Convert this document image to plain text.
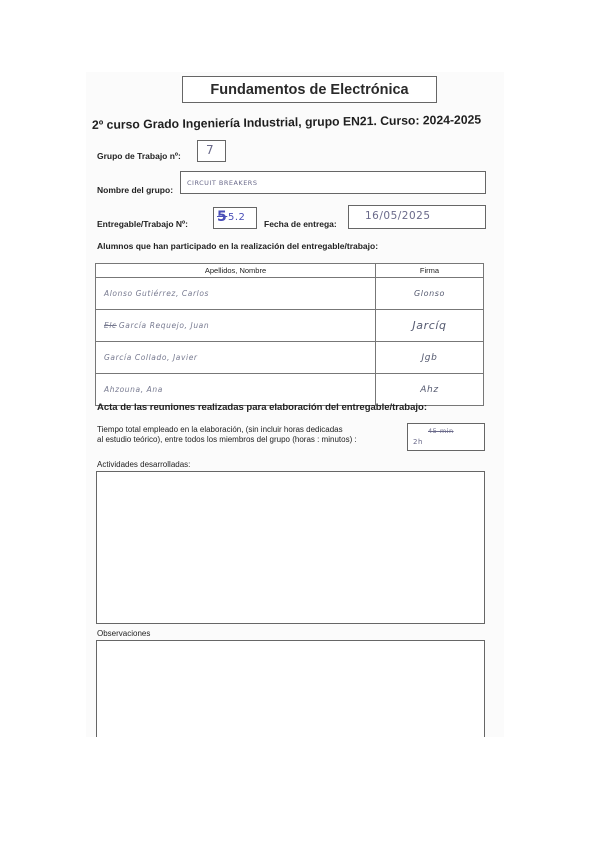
Fundamentos de Electrónica
2º curso Grado Ingeniería Industrial, grupo EN21. Curso: 2024-2025
Grupo de Trabajo nº: 7
Nombre del grupo:
CIRCUIT BREAKERS
Entregable/Trabajo Nº: 5 5.2
Fecha de entrega:
16/05/2025
Alumnos que han participado en la realización del entregable/trabajo:
Apellidos, Nombre	Firma
Alonso Gutiérrez, Carlos	Glonso
Elc García Requejo, Juan	Jarcíq
García Collado, Javier	Jgb
Ahzouna, Ana	Ahz
Acta de las reuniones realizadas para elaboración del entregable/trabajo:
Tiempo total empleado en la elaboración, (sin incluir horas dedicadas
al estudio teórico), entre todos los miembros del grupo (horas : minutos) :
45 min
2h
Actividades desarrolladas:
Observaciones
